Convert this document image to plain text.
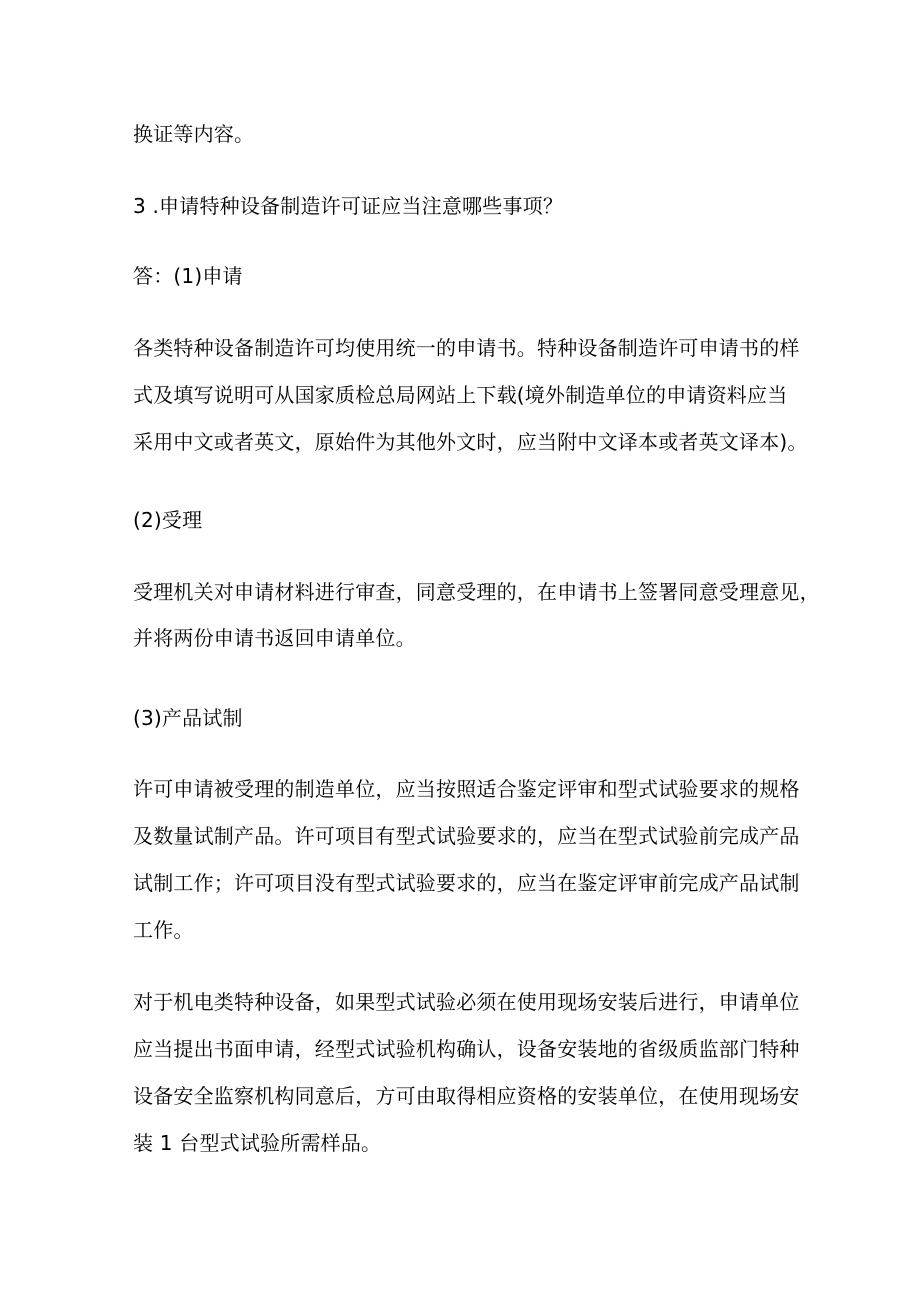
换证等内容。
3 .申请特种设备制造许可证应当注意哪些事项？
答：(1)申请
各类特种设备制造许可均使用统一的申请书。特种设备制造许可申请书的样
式及填写说明可从国家质检总局网站上下载(境外制造单位的申请资料应当
采用中文或者英文，原始件为其他外文时，应当附中文译本或者英文译本)。
(2)受理
受理机关对申请材料进行审查，同意受理的，在申请书上签署同意受理意见，
并将两份申请书返回申请单位。
(3)产品试制
许可申请被受理的制造单位，应当按照适合鉴定评审和型式试验要求的规格
及数量试制产品。许可项目有型式试验要求的，应当在型式试验前完成产品
试制工作；许可项目没有型式试验要求的，应当在鉴定评审前完成产品试制
工作。
对于机电类特种设备，如果型式试验必须在使用现场安装后进行，申请单位
应当提出书面申请，经型式试验机构确认，设备安装地的省级质监部门特种
设备安全监察机构同意后，方可由取得相应资格的安装单位，在使用现场安
装 1 台型式试验所需样品。
